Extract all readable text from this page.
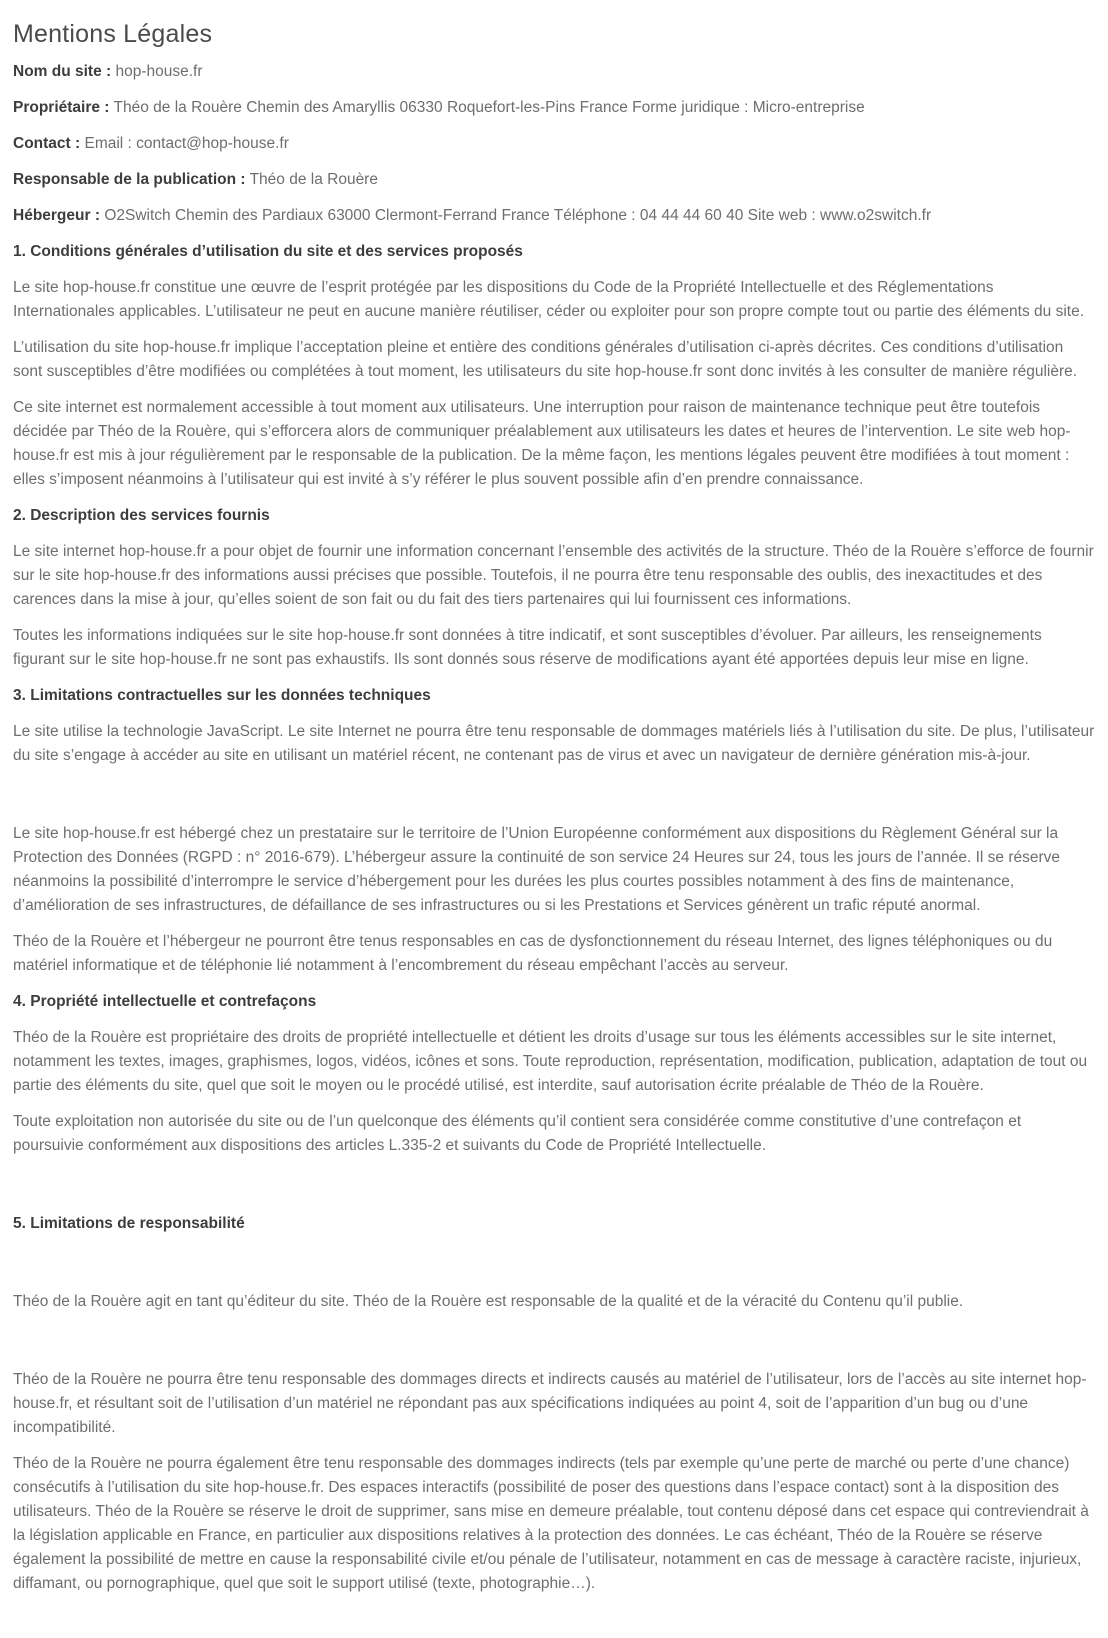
Mentions Légales

Nom du site : hop-house.fr

Propriétaire : Théo de la Rouère Chemin des Amaryllis 06330 Roquefort-les-Pins France Forme juridique : Micro-entreprise

Contact : Email : contact@hop-house.fr

Responsable de la publication : Théo de la Rouère

Hébergeur : O2Switch Chemin des Pardiaux 63000 Clermont-Ferrand France Téléphone : 04 44 44 60 40 Site web : www.o2switch.fr

1. Conditions générales d’utilisation du site et des services proposés

Le site hop-house.fr constitue une œuvre de l’esprit protégée par les dispositions du Code de la Propriété Intellectuelle et des Réglementations Internationales applicables. L’utilisateur ne peut en aucune manière réutiliser, céder ou exploiter pour son propre compte tout ou partie des éléments du site.

L’utilisation du site hop-house.fr implique l’acceptation pleine et entière des conditions générales d’utilisation ci-après décrites. Ces conditions d’utilisation sont susceptibles d’être modifiées ou complétées à tout moment, les utilisateurs du site hop-house.fr sont donc invités à les consulter de manière régulière.

Ce site internet est normalement accessible à tout moment aux utilisateurs. Une interruption pour raison de maintenance technique peut être toutefois décidée par Théo de la Rouère, qui s’efforcera alors de communiquer préalablement aux utilisateurs les dates et heures de l’intervention. Le site web hop-house.fr est mis à jour régulièrement par le responsable de la publication. De la même façon, les mentions légales peuvent être modifiées à tout moment : elles s’imposent néanmoins à l’utilisateur qui est invité à s’y référer le plus souvent possible afin d’en prendre connaissance.

2. Description des services fournis

Le site internet hop-house.fr a pour objet de fournir une information concernant l’ensemble des activités de la structure. Théo de la Rouère s’efforce de fournir sur le site hop-house.fr des informations aussi précises que possible. Toutefois, il ne pourra être tenu responsable des oublis, des inexactitudes et des carences dans la mise à jour, qu’elles soient de son fait ou du fait des tiers partenaires qui lui fournissent ces informations.

Toutes les informations indiquées sur le site hop-house.fr sont données à titre indicatif, et sont susceptibles d’évoluer. Par ailleurs, les renseignements figurant sur le site hop-house.fr ne sont pas exhaustifs. Ils sont donnés sous réserve de modifications ayant été apportées depuis leur mise en ligne.

3. Limitations contractuelles sur les données techniques

Le site utilise la technologie JavaScript. Le site Internet ne pourra être tenu responsable de dommages matériels liés à l’utilisation du site. De plus, l’utilisateur du site s’engage à accéder au site en utilisant un matériel récent, ne contenant pas de virus et avec un navigateur de dernière génération mis-à-jour.

Le site hop-house.fr est hébergé chez un prestataire sur le territoire de l’Union Européenne conformément aux dispositions du Règlement Général sur la Protection des Données (RGPD : n° 2016-679). L’hébergeur assure la continuité de son service 24 Heures sur 24, tous les jours de l’année. Il se réserve néanmoins la possibilité d’interrompre le service d’hébergement pour les durées les plus courtes possibles notamment à des fins de maintenance, d’amélioration de ses infrastructures, de défaillance de ses infrastructures ou si les Prestations et Services génèrent un trafic réputé anormal.

Théo de la Rouère et l’hébergeur ne pourront être tenus responsables en cas de dysfonctionnement du réseau Internet, des lignes téléphoniques ou du matériel informatique et de téléphonie lié notamment à l’encombrement du réseau empêchant l’accès au serveur.

4. Propriété intellectuelle et contrefaçons

Théo de la Rouère est propriétaire des droits de propriété intellectuelle et détient les droits d’usage sur tous les éléments accessibles sur le site internet, notamment les textes, images, graphismes, logos, vidéos, icônes et sons. Toute reproduction, représentation, modification, publication, adaptation de tout ou partie des éléments du site, quel que soit le moyen ou le procédé utilisé, est interdite, sauf autorisation écrite préalable de Théo de la Rouère.

Toute exploitation non autorisée du site ou de l’un quelconque des éléments qu’il contient sera considérée comme constitutive d’une contrefaçon et poursuivie conformément aux dispositions des articles L.335-2 et suivants du Code de Propriété Intellectuelle.

5. Limitations de responsabilité

Théo de la Rouère agit en tant qu’éditeur du site. Théo de la Rouère est responsable de la qualité et de la véracité du Contenu qu’il publie.

Théo de la Rouère ne pourra être tenu responsable des dommages directs et indirects causés au matériel de l’utilisateur, lors de l’accès au site internet hop-house.fr, et résultant soit de l’utilisation d’un matériel ne répondant pas aux spécifications indiquées au point 4, soit de l’apparition d’un bug ou d’une incompatibilité.

Théo de la Rouère ne pourra également être tenu responsable des dommages indirects (tels par exemple qu’une perte de marché ou perte d’une chance) consécutifs à l’utilisation du site hop-house.fr. Des espaces interactifs (possibilité de poser des questions dans l’espace contact) sont à la disposition des utilisateurs. Théo de la Rouère se réserve le droit de supprimer, sans mise en demeure préalable, tout contenu déposé dans cet espace qui contreviendrait à la législation applicable en France, en particulier aux dispositions relatives à la protection des données. Le cas échéant, Théo de la Rouère se réserve également la possibilité de mettre en cause la responsabilité civile et/ou pénale de l’utilisateur, notamment en cas de message à caractère raciste, injurieux, diffamant, ou pornographique, quel que soit le support utilisé (texte, photographie…).
